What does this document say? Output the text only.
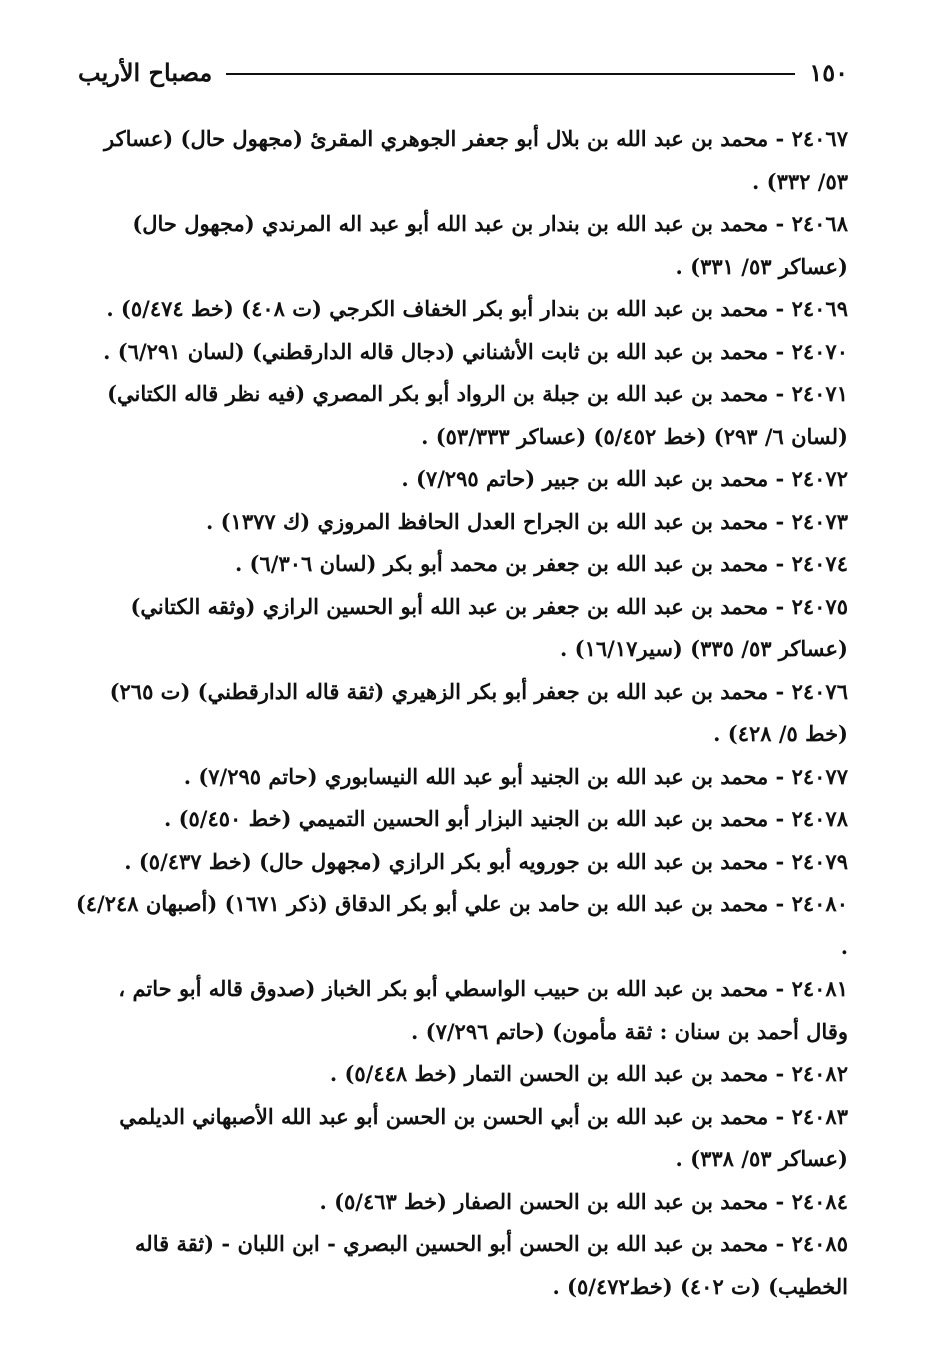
١٥٠
مصباح الأريب

٢٤٠٦٧ - محمد بن عبد الله بن بلال أبو جعفر الجوهري المقرئ (مجهول حال) (عساكر ٥٣/ ٣٣٢) .

٢٤٠٦٨ - محمد بن عبد الله بن بندار بن عبد الله أبو عبد اله المرندي (مجهول حال) (عساكر ٥٣/ ٣٣١) .

٢٤٠٦٩ - محمد بن عبد الله بن بندار أبو بكر الخفاف الكرجي (ت ٤٠٨) (خط ٥/٤٧٤) .

٢٤٠٧٠ - محمد بن عبد الله بن ثابت الأشناني (دجال قاله الدارقطني) (لسان ٦/٢٩١) .

٢٤٠٧١ - محمد بن عبد الله بن جبلة بن الرواد أبو بكر المصري (فيه نظر قاله الكتاني) (لسان ٦/ ٢٩٣) (خط ٥/٤٥٢) (عساكر ٥٣/٣٣٣) .

٢٤٠٧٢ - محمد بن عبد الله بن جبير (حاتم ٧/٢٩٥) .

٢٤٠٧٣ - محمد بن عبد الله بن الجراح العدل الحافظ المروزي (ك ١٣٧٧) .

٢٤٠٧٤ - محمد بن عبد الله بن جعفر بن محمد أبو بكر (لسان ٦/٣٠٦) .

٢٤٠٧٥ - محمد بن عبد الله بن جعفر بن عبد الله أبو الحسين الرازي (وثقه الكتاني) (عساكر ٥٣/ ٣٣٥) (سير١٦/١٧) .

٢٤٠٧٦ - محمد بن عبد الله بن جعفر أبو بكر الزهيري (ثقة قاله الدارقطني) (ت ٢٦٥) (خط ٥/ ٤٢٨) .

٢٤٠٧٧ - محمد بن عبد الله بن الجنيد أبو عبد الله النيسابوري (حاتم ٧/٢٩٥) .

٢٤٠٧٨ - محمد بن عبد الله بن الجنيد البزار أبو الحسين التميمي (خط ٥/٤٥٠) .

٢٤٠٧٩ - محمد بن عبد الله بن جورويه أبو بكر الرازي (مجهول حال) (خط ٥/٤٣٧) .

٢٤٠٨٠ - محمد بن عبد الله بن حامد بن علي أبو بكر الدقاق (ذكر ١٦٧١) (أصبهان ٤/٢٤٨) .

٢٤٠٨١ - محمد بن عبد الله بن حبيب الواسطي أبو بكر الخباز (صدوق قاله أبو حاتم ، وقال أحمد بن سنان : ثقة مأمون) (حاتم ٧/٢٩٦) .

٢٤٠٨٢ - محمد بن عبد الله بن الحسن التمار (خط ٥/٤٤٨) .

٢٤٠٨٣ - محمد بن عبد الله بن أبي الحسن بن الحسن أبو عبد الله الأصبهاني الديلمي (عساكر ٥٣/ ٣٣٨) .

٢٤٠٨٤ - محمد بن عبد الله بن الحسن الصفار (خط ٥/٤٦٣) .

٢٤٠٨٥ - محمد بن عبد الله بن الحسن أبو الحسين البصري - ابن اللبان - (ثقة قاله الخطيب) (ت ٤٠٢) (خط٥/٤٧٢) .
